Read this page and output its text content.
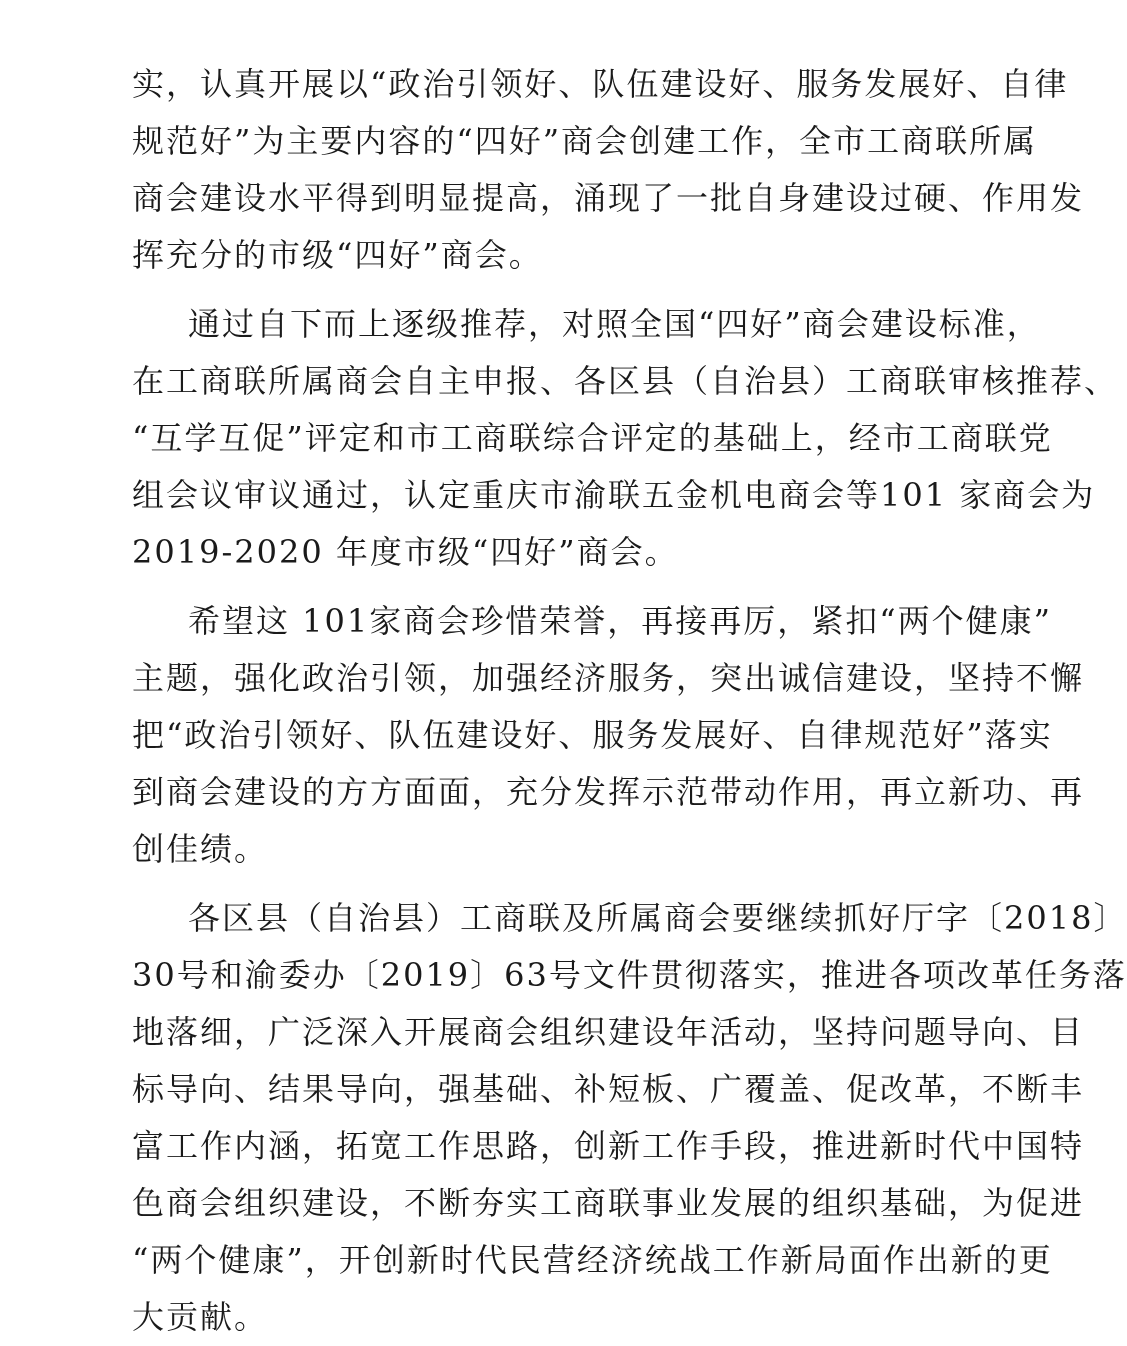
实，认真开展以“政治引领好、队伍建设好、服务发展好、自律
规范好”为主要内容的“四好”商会创建工作，全市工商联所属
商会建设水平得到明显提高，涌现了一批自身建设过硬、作用发
挥充分的市级“四好”商会。
通过自下而上逐级推荐，对照全国“四好”商会建设标准，
在工商联所属商会自主申报、各区县（自治县）工商联审核推荐、
“互学互促”评定和市工商联综合评定的基础上，经市工商联党
组会议审议通过，认定重庆市渝联五金机电商会等101 家商会为
2019-2020 年度市级“四好”商会。
希望这 101家商会珍惜荣誉，再接再厉，紧扣“两个健康”
主题，强化政治引领，加强经济服务，突出诚信建设，坚持不懈
把“政治引领好、队伍建设好、服务发展好、自律规范好”落实
到商会建设的方方面面，充分发挥示范带动作用，再立新功、再
创佳绩。
各区县（自治县）工商联及所属商会要继续抓好厅字〔2018〕
30号和渝委办〔2019〕63号文件贯彻落实，推进各项改革任务落
地落细，广泛深入开展商会组织建设年活动，坚持问题导向、目
标导向、结果导向，强基础、补短板、广覆盖、促改革，不断丰
富工作内涵，拓宽工作思路，创新工作手段，推进新时代中国特
色商会组织建设，不断夯实工商联事业发展的组织基础，为促进
“两个健康”，开创新时代民营经济统战工作新局面作出新的更
大贡献。
